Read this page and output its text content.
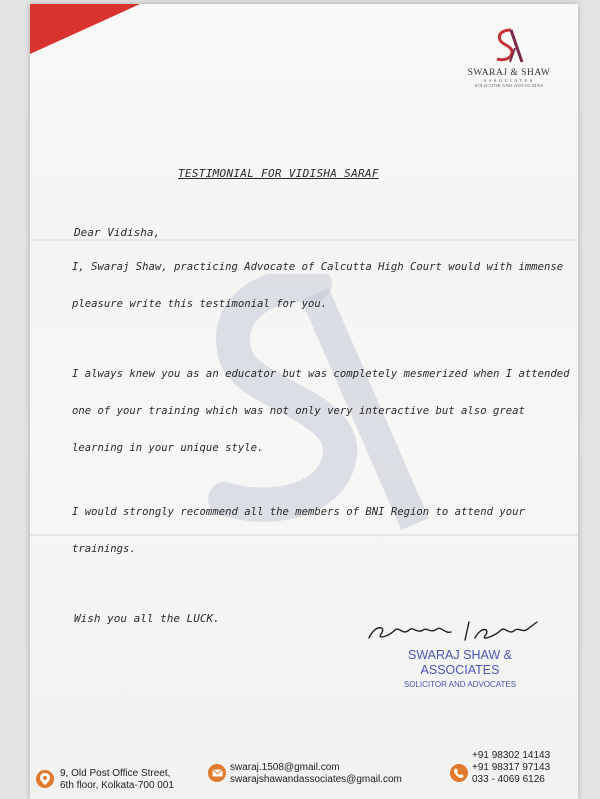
SWARAJ & SHAW
ASSOCIATES
SOLICITOR AND ADVOCATES
TESTIMONIAL FOR VIDISHA SARAF
Dear Vidisha,
I, Swaraj Shaw, practicing Advocate of Calcutta High Court would with immense pleasure write this testimonial for you.
I always knew you as an educator but was completely mesmerized when I attended one of your training which was not only very interactive but also great learning in your unique style.
I would strongly recommend all the members of BNI Region to attend your trainings.
Wish you all the LUCK.
SWARAJ SHAW &
ASSOCIATES
SOLICITOR AND ADVOCATES
9, Old Post Office Street,
6th floor, Kolkata-700 001
swaraj.1508@gmail.com
swarajshawandassociates@gmail.com
+91 98302 14143
+91 98317 97143
033 - 4069 6126
